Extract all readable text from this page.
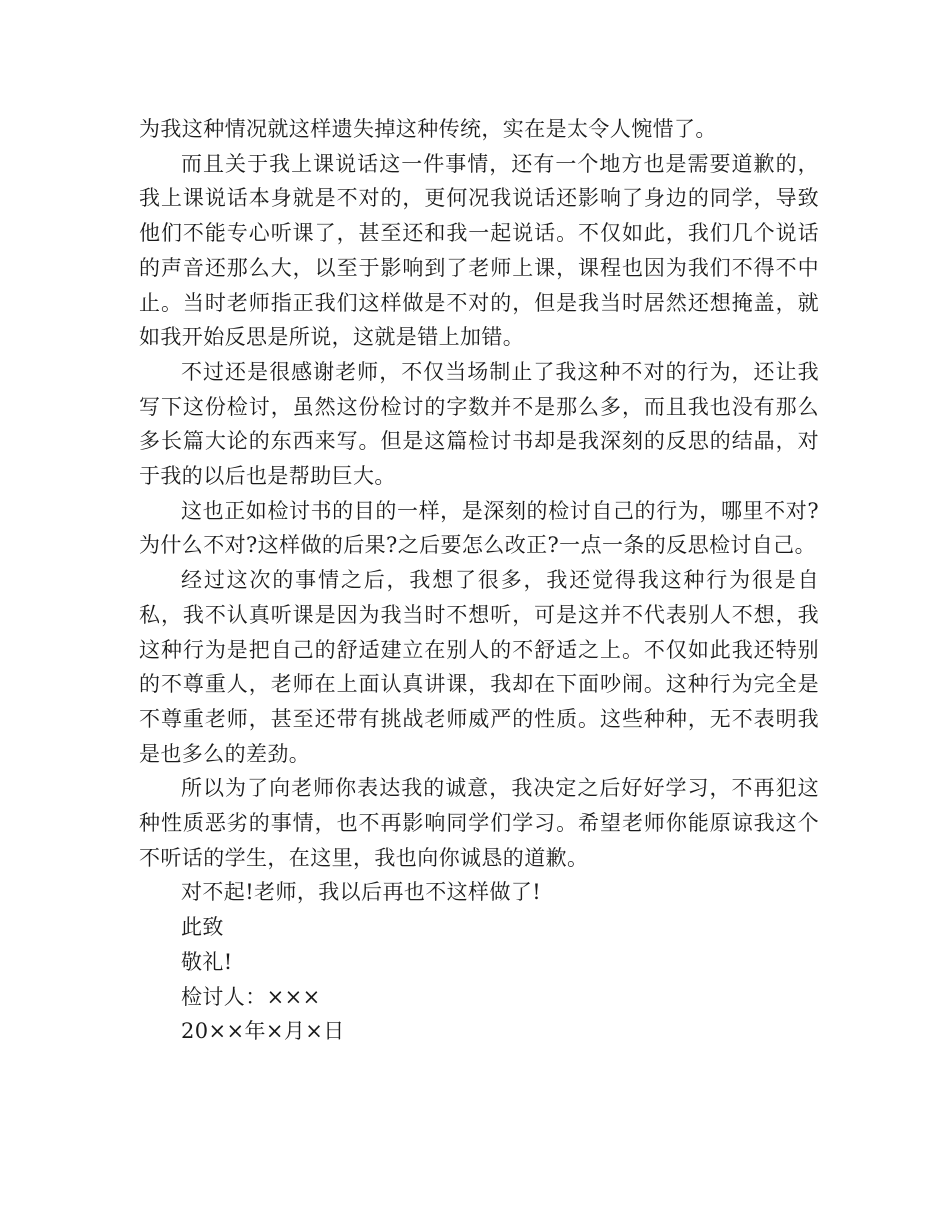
为我这种情况就这样遗失掉这种传统，实在是太令人惋惜了。

而且关于我上课说话这一件事情，还有一个地方也是需要道歉的，我上课说话本身就是不对的，更何况我说话还影响了身边的同学，导致他们不能专心听课了，甚至还和我一起说话。不仅如此，我们几个说话的声音还那么大，以至于影响到了老师上课，课程也因为我们不得不中止。当时老师指正我们这样做是不对的，但是我当时居然还想掩盖，就如我开始反思是所说，这就是错上加错。

不过还是很感谢老师，不仅当场制止了我这种不对的行为，还让我写下这份检讨，虽然这份检讨的字数并不是那么多，而且我也没有那么多长篇大论的东西来写。但是这篇检讨书却是我深刻的反思的结晶，对于我的以后也是帮助巨大。

这也正如检讨书的目的一样，是深刻的检讨自己的行为，哪里不对?为什么不对?这样做的后果?之后要怎么改正?一点一条的反思检讨自己。

经过这次的事情之后，我想了很多，我还觉得我这种行为很是自私，我不认真听课是因为我当时不想听，可是这并不代表别人不想，我这种行为是把自己的舒适建立在别人的不舒适之上。不仅如此我还特别的不尊重人，老师在上面认真讲课，我却在下面吵闹。这种行为完全是不尊重老师，甚至还带有挑战老师威严的性质。这些种种，无不表明我是也多么的差劲。

所以为了向老师你表达我的诚意，我决定之后好好学习，不再犯这种性质恶劣的事情，也不再影响同学们学习。希望老师你能原谅我这个不听话的学生，在这里，我也向你诚恳的道歉。

对不起!老师，我以后再也不这样做了!

此致

敬礼!

检讨人：×××

20××年×月×日
